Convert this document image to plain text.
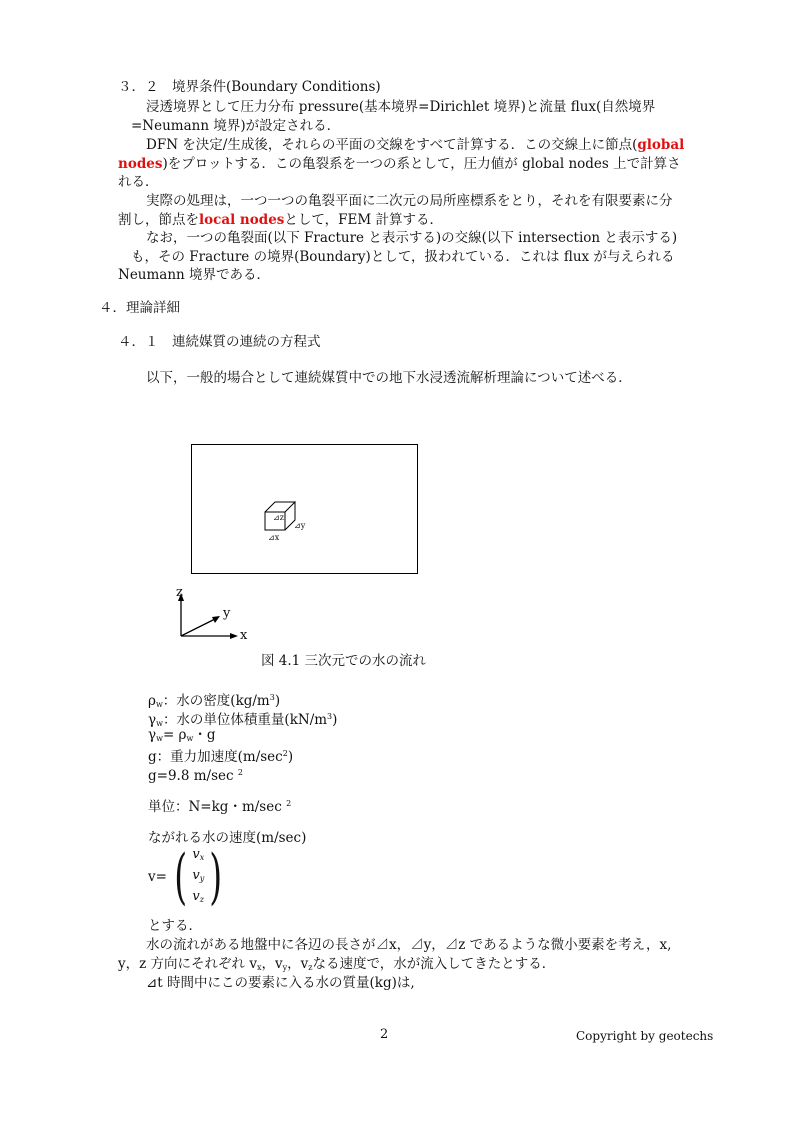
３．２　境界条件(Boundary Conditions)
浸透境界として圧力分布 pressure(基本境界=Dirichlet 境界)と流量 flux(自然境界
=Neumann 境界)が設定される．
DFN を決定/生成後，それらの平面の交線をすべて計算する．この交線上に節点(global
nodes)をプロットする．この亀裂系を一つの系として，圧力値が global nodes 上で計算さ
れる．
実際の処理は，一つ一つの亀裂平面に二次元の局所座標系をとり，それを有限要素に分
割し，節点をlocal nodesとして，FEM 計算する．
なお，一つの亀裂面(以下 Fracture と表示する)の交線(以下 intersection と表示する)
も，その Fracture の境界(Boundary)として，扱われている．これは flux が与えられる
Neumann 境界である．
４．理論詳細
４．１　連続媒質の連続の方程式
以下，一般的場合として連続媒質中での地下水浸透流解析理論について述べる．
⊿z
⊿y
⊿x
z
y
x
図 4.1 三次元での水の流れ
$\rho_w$：水の密度$(kg/m^3)$
$\gamma_w$：水の単位体積重量$(kN/m^3)$
$\gamma_w= \rho_w$・g
g：重力加速度$(m/\sec^2)$
g=9.8 m/sec $^2$
単位：N=kg・m/sec $^2$
ながれる水の速度(m/sec)
v= ( $v_x$
$v_y$
$v_z$ )
とする．
水の流れがある地盤中に各辺の長さが⊿x，⊿y，⊿z であるような微小要素を考え，x,
y，z 方向にそれぞれ $v_x$，$v_y$，$v_z$なる速度で，水が流入してきたとする．
⊿t 時間中にこの要素に入る水の質量(kg)は,
2	Copyright by geotechs
